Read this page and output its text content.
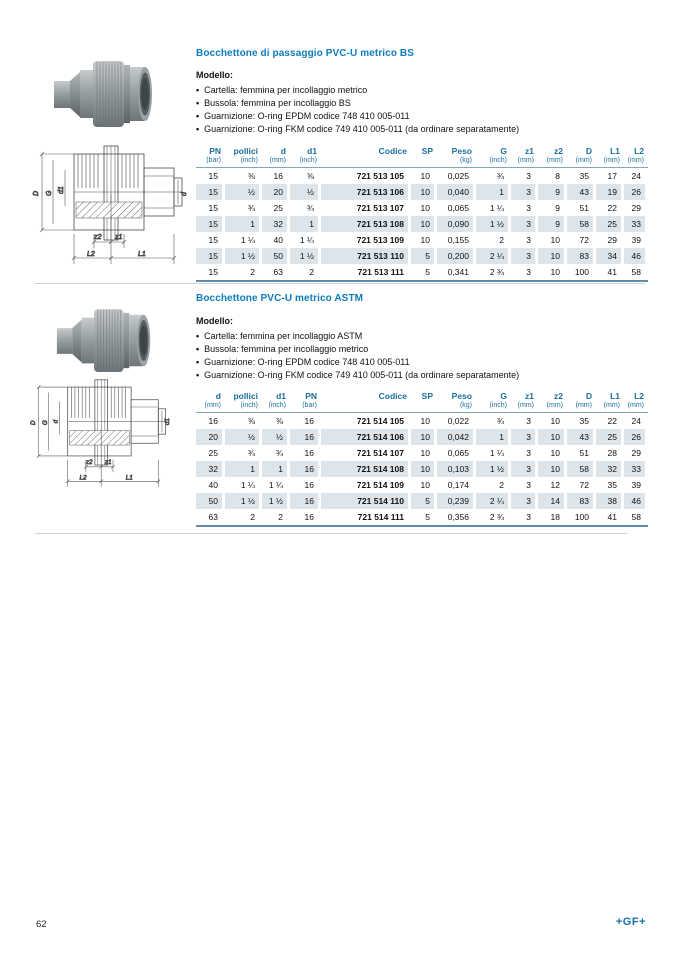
Bocchettone di passaggio PVC-U metrico BS
D G d1
d
z2 z1
L2	L1

Modello:

• Cartella: femmina per incollaggio metrico
• Bussola: femmina per incollaggio BS
• Guarnizione: O-ring EPDM codice 748 410 005-011
• Guarnizione: O-ring FKM codice 749 410 005-011 (da ordinare separatamente)
PN	pollici	d	d1	Codice	SP	Peso	G	z1	z2	D	L1	L2
(bar)	(inch)	(mm)	(inch)			(kg)	(inch)	(mm)	(mm)	(mm)	(mm)	(mm)
15	⅜	16	⅜	721 513 105	10	0,025	¾	3	8	35	17	24
15	½	20	½	721 513 106	10	0,040	1	3	9	43	19	26
15	¾	25	¾	721 513 107	10	0,065	1 ¼	3	9	51	22	29
15	1	32	1	721 513 108	10	0,090	1 ½	3	9	58	25	33
15	1 ¼	40	1 ¼	721 513 109	10	0,155	2	3	10	72	29	39
15	1 ½	50	1 ½	721 513 110	5	0,200	2 ¼	3	10	83	34	46
15	2	63	2	721 513 111	5	0,341	2 ¾	3	10	100	41	58
Bocchettone PVC-U metrico ASTM
D G d	d1
z2 z1
L2	L1

Modello:

• Cartella: femmina per incollaggio ASTM
• Bussola: femmina per incollaggio metrico
• Guarnizione: O-ring EPDM codice 748 410 005-011
• Guarnizione: O-ring FKM codice 749 410 005-011 (da ordinare separatamente)
d	pollici	d1	PN	Codice	SP	Peso	G	z1	z2	D	L1	L2
(mm)	(inch)	(inch)	(bar)			(kg)	(inch)	(mm)	(mm)	(mm)	(mm)	(mm)
16	⅜	⅜	16	721 514 105	10	0,022	¾	3	10	35	22	24
20	½	½	16	721 514 106	10	0,042	1	3	10	43	25	26
25	¾	¾	16	721 514 107	10	0,065	1 ¼	3	10	51	28	29
32	1	1	16	721 514 108	10	0,103	1 ½	3	10	58	32	33
40	1 ¼	1 ¼	16	721 514 109	10	0,174	2	3	12	72	35	39
50	1 ½	1 ½	16	721 514 110	5	0,239	2 ¼	3	14	83	38	46
63	2	2	16	721 514 111	5	0,356	2 ¾	3	18	100	41	58
62	+GF+
